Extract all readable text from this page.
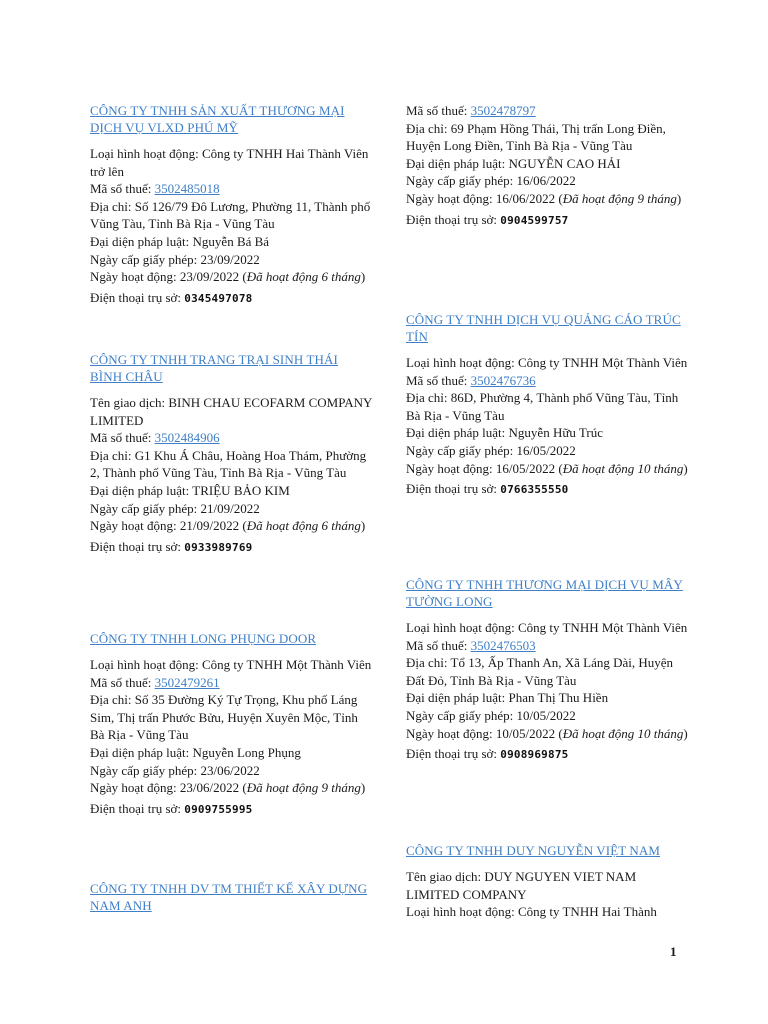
CÔNG TY TNHH SẢN XUẤT THƯƠNG MẠI DỊCH VỤ VLXD PHÚ MỸ

Loại hình hoạt động: Công ty TNHH Hai Thành Viên trở lên

Mã số thuế: 3502485018

Địa chỉ: Số 126/79 Đô Lương, Phường 11, Thành phố Vũng Tàu, Tỉnh Bà Rịa - Vũng Tàu

Đại diện pháp luật: Nguyễn Bá Bá

Ngày cấp giấy phép: 23/09/2022

Ngày hoạt động: 23/09/2022 (Đã hoạt động 6 tháng)

Điện thoại trụ sở: 0345497078

CÔNG TY TNHH TRANG TRẠI SINH THÁI BÌNH CHÂU

Tên giao dịch: BINH CHAU ECOFARM COMPANY LIMITED

Mã số thuế: 3502484906

Địa chỉ: G1 Khu Á Châu, Hoàng Hoa Thám, Phường 2, Thành phố Vũng Tàu, Tỉnh Bà Rịa - Vũng Tàu

Đại diện pháp luật: TRIỆU BẢO KIM

Ngày cấp giấy phép: 21/09/2022

Ngày hoạt động: 21/09/2022 (Đã hoạt động 6 tháng)

Điện thoại trụ sở: 0933989769

CÔNG TY TNHH LONG PHỤNG DOOR

Loại hình hoạt động: Công ty TNHH Một Thành Viên

Mã số thuế: 3502479261

Địa chỉ: Số 35 Đường Ký Tự Trọng, Khu phố Láng Sim, Thị trấn Phước Bửu, Huyện Xuyên Mộc, Tỉnh Bà Rịa - Vũng Tàu

Đại diện pháp luật: Nguyễn Long Phụng

Ngày cấp giấy phép: 23/06/2022

Ngày hoạt động: 23/06/2022 (Đã hoạt động 9 tháng)

Điện thoại trụ sở: 0909755995

CÔNG TY TNHH DV TM THIẾT KẾ XÂY DỰNG NAM ANH

Mã số thuế: 3502478797

Địa chỉ: 69 Phạm Hồng Thái, Thị trấn Long Điền, Huyện Long Điền, Tỉnh Bà Rịa - Vũng Tàu

Đại diện pháp luật: NGUYỄN CAO HẢI

Ngày cấp giấy phép: 16/06/2022

Ngày hoạt động: 16/06/2022 (Đã hoạt động 9 tháng)

Điện thoại trụ sở: 0904599757

CÔNG TY TNHH DỊCH VỤ QUẢNG CÁO TRÚC TÍN

Loại hình hoạt động: Công ty TNHH Một Thành Viên

Mã số thuế: 3502476736

Địa chỉ: 86D, Phường 4, Thành phố Vũng Tàu, Tỉnh Bà Rịa - Vũng Tàu

Đại diện pháp luật: Nguyễn Hữu Trúc

Ngày cấp giấy phép: 16/05/2022

Ngày hoạt động: 16/05/2022 (Đã hoạt động 10 tháng)

Điện thoại trụ sở: 0766355550

CÔNG TY TNHH THƯƠNG MẠI DỊCH VỤ MÂY TƯỜNG LONG

Loại hình hoạt động: Công ty TNHH Một Thành Viên

Mã số thuế: 3502476503

Địa chỉ: Tổ 13, Ấp Thanh An, Xã Láng Dài, Huyện Đất Đỏ, Tỉnh Bà Rịa - Vũng Tàu

Đại diện pháp luật: Phan Thị Thu Hiền

Ngày cấp giấy phép: 10/05/2022

Ngày hoạt động: 10/05/2022 (Đã hoạt động 10 tháng)

Điện thoại trụ sở: 0908969875

CÔNG TY TNHH DUY NGUYỄN VIỆT NAM

Tên giao dịch: DUY NGUYEN VIET NAM LIMITED COMPANY

Loại hình hoạt động: Công ty TNHH Hai Thành

1
